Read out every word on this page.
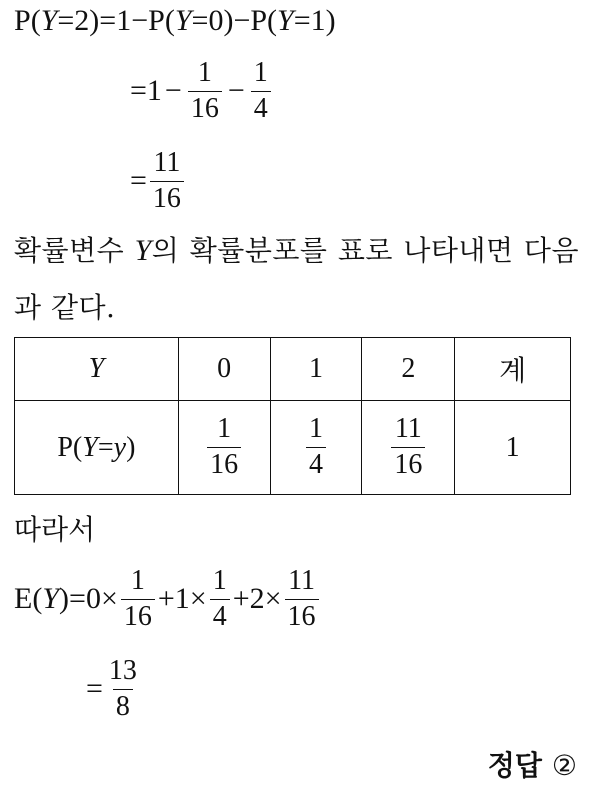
P ( Y = 2 ) = 1 − P ( Y = 0 ) − P ( Y = 1 )
= $1 - \frac{1}{16} - \frac{1}{4}$
= $\frac{11}{16}$
확률변수 Y의 확률분포를 표로 나타내면 다음과 같다.
Y	0	1	2	계
P(Y=y)	$\frac{1}{16}$	$\frac{1}{4}$	$\frac{11}{16}$	1
따라서
E ( Y ) = $0 \times \frac{1}{16} + 1 \times \frac{1}{4} + 2 \times \frac{11}{16}$
= $\frac{13}{8}$
정답 ②
